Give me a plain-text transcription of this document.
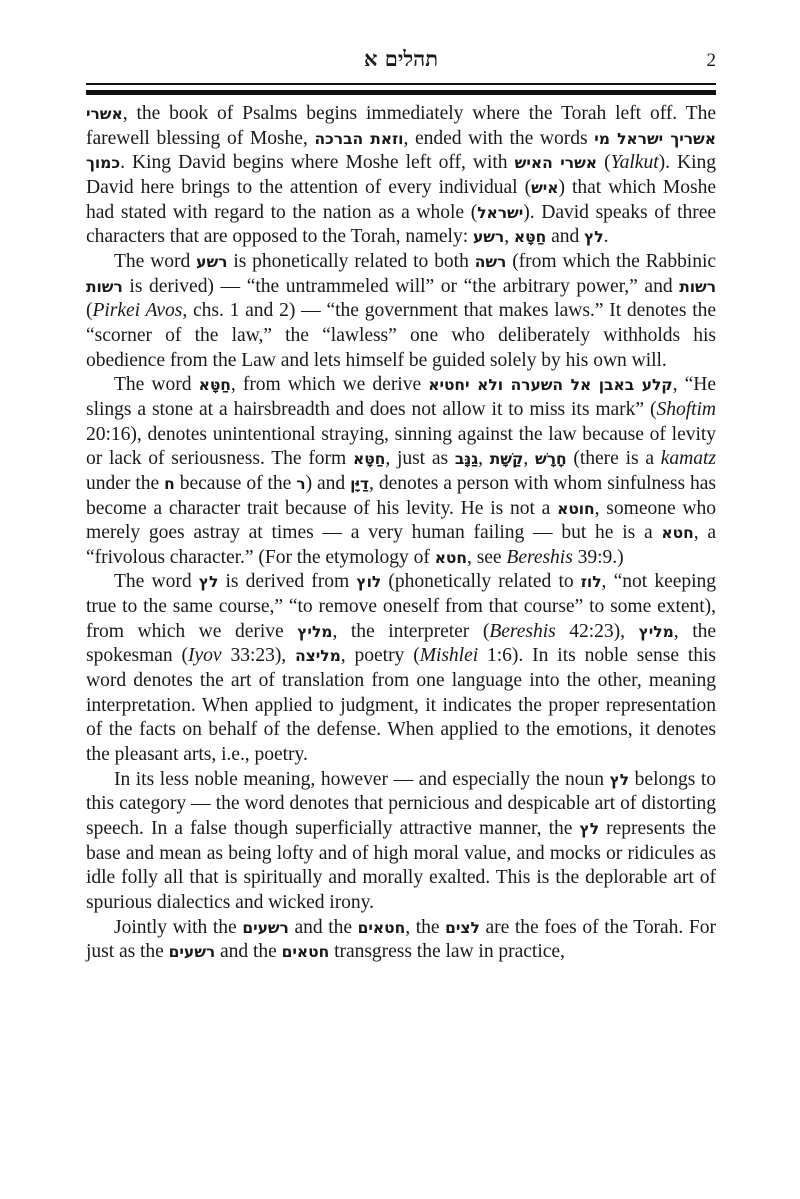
תהלים א	2

אשרי, the book of Psalms begins immediately where the Torah left off. The farewell blessing of Moshe, וזאת הברכה, ended with the words אשריך ישראל מי כמוך. King David begins where Moshe left off, with אשרי האיש (Yalkut). King David here brings to the attention of every individual (איש) that which Moshe had stated with regard to the nation as a whole (ישראל). David speaks of three characters that are opposed to the Torah, namely: רשע, חַטָּא and לץ.

The word רשע is phonetically related to both רשה (from which the Rabbinic רשות is derived) — “the untrammeled will” or “the arbitrary power,” and רשות (Pirkei Avos, chs. 1 and 2) — “the government that makes laws.” It denotes the “scorner of the law,” the “lawless” one who deliberately withholds his obedience from the Law and lets himself be guided solely by his own will.

The word חַטָּא, from which we derive קלע באבן אל השערה ולא יחטיא, “He slings a stone at a hairsbreadth and does not allow it to miss its mark” (Shoftim 20:16), denotes unintentional straying, sinning against the law because of levity or lack of seriousness. The form חַטָּא, just as גַנָּב, קַשָּׁת, חָרָשׁ (there is a kamatz under the ח because of the ר) and דַיָּן, denotes a person with whom sinfulness has become a character trait because of his levity. He is not a חוטא, someone who merely goes astray at times — a very human failing — but he is a חטא, a “frivolous character.” (For the etymology of חטא, see Bereshis 39:9.)

The word לץ is derived from לוץ (phonetically related to לוז, “not keeping true to the same course,” “to remove oneself from that course” to some extent), from which we derive מליץ, the interpreter (Bereshis 42:23), מליץ, the spokesman (Iyov 33:23), מליצה, poetry (Mishlei 1:6). In its noble sense this word denotes the art of translation from one language into the other, meaning interpretation. When applied to judgment, it indicates the proper representation of the facts on behalf of the defense. When applied to the emotions, it denotes the pleasant arts, i.e., poetry.

In its less noble meaning, however — and especially the noun לץ belongs to this category — the word denotes that pernicious and despicable art of distorting speech. In a false though superficially attractive manner, the לץ represents the base and mean as being lofty and of high moral value, and mocks or ridicules as idle folly all that is spiritually and morally exalted. This is the deplorable art of spurious dialectics and wicked irony.

Jointly with the רשעים and the חטאים, the לצים are the foes of the Torah. For just as the רשעים and the חטאים transgress the law in practice,
